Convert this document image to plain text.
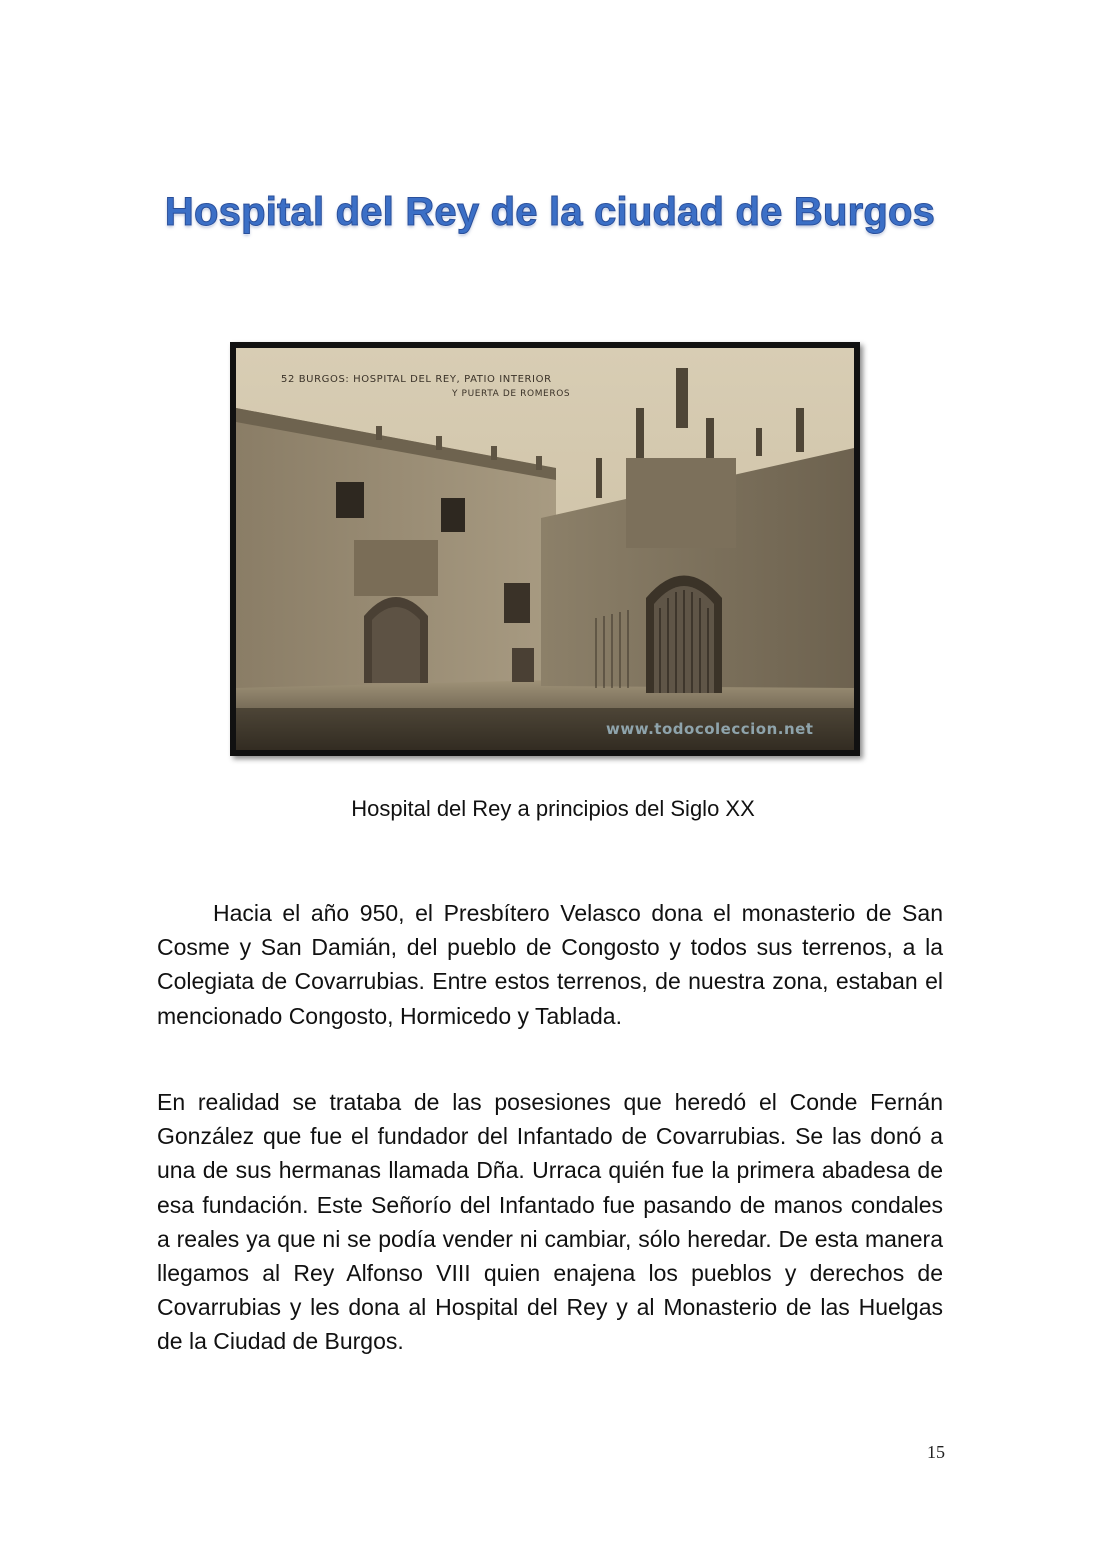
Hospital del Rey de la ciudad de Burgos
52 BURGOS: HOSPITAL DEL REY, PATIO INTERIOR
Y PUERTA DE ROMEROS
www.todocoleccion.net
Hospital del Rey a principios del Siglo XX

Hacia el año 950, el Presbítero Velasco dona el monasterio de San Cosme y San Damián, del pueblo de Congosto y todos sus terrenos, a la Colegiata de Covarrubias. Entre estos terrenos, de nuestra zona, estaban el mencionado Congosto, Hormicedo y Tablada.

En realidad se trataba de las posesiones que heredó el Conde Fernán González que fue el fundador del Infantado de Covarrubias. Se las donó a una de sus hermanas llamada Dña. Urraca quién fue la primera abadesa de esa fundación. Este Señorío del Infantado fue pasando de manos condales a reales ya que ni se podía vender ni cambiar, sólo heredar. De esta manera llegamos al Rey Alfonso VIII quien enajena los pueblos y derechos de Covarrubias y les dona al Hospital del Rey y al Monasterio de las Huelgas de la Ciudad de Burgos.

15
